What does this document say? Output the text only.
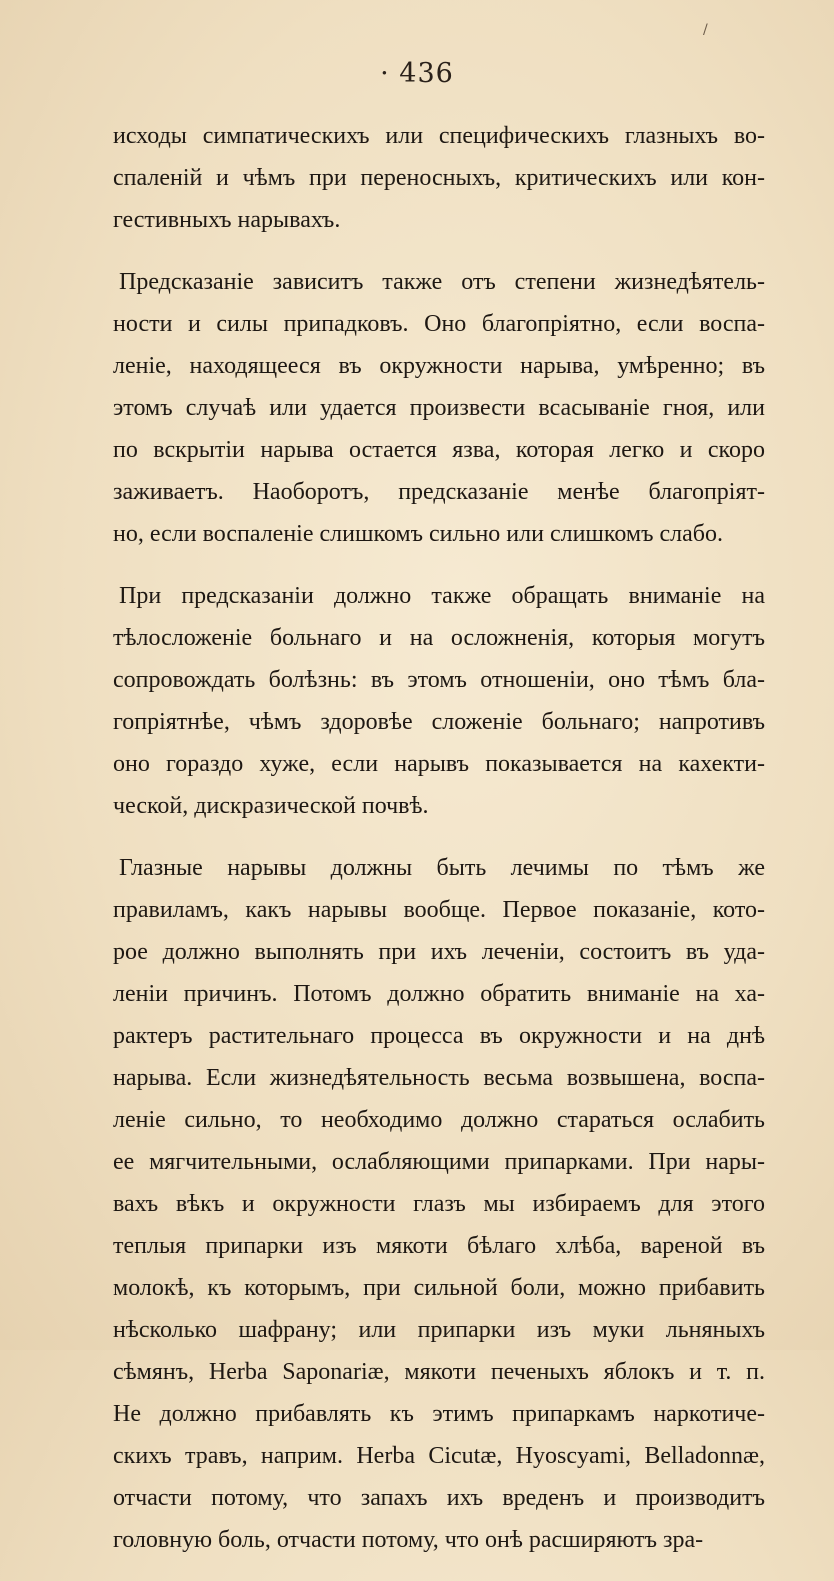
· 436
/
исходы симпатическихъ или специфическихъ глазныхъ во-
спаленiй и чѣмъ при переносныхъ, критическихъ или кон-
гестивныхъ нарывахъ.
Предсказанiе зависитъ также отъ степени жизнедѣятель-
ности и силы припадковъ. Оно благопрiятно, если воспа-
ленiе, находящееся въ окружности нарыва, умѣренно; въ
этомъ случаѣ или удается произвести всасыванiе гноя, или
по вскрытiи нарыва остается язва, которая легко и скоро
заживаетъ. Наоборотъ, предсказанiе менѣе благопрiят-
но, если воспаленiе слишкомъ сильно или слишкомъ слабо.
При предсказанiи должно также обращать вниманiе на
тѣлосложенiе больнаго и на осложненiя, которыя могутъ
сопровождать болѣзнь: въ этомъ отношенiи, оно тѣмъ бла-
гопрiятнѣе, чѣмъ здоровѣе сложенiе больнаго; напротивъ
оно гораздо хуже, если нарывъ показывается на кахекти-
ческой, дискразической почвѣ.
Глазные нарывы должны быть лечимы по тѣмъ же
правиламъ, какъ нарывы вообще. Первое показанiе, кото-
рое должно выполнять при ихъ леченiи, состоитъ въ уда-
ленiи причинъ. Потомъ должно обратить вниманiе на ха-
рактеръ растительнаго процесса въ окружности и на днѣ
нарыва. Если жизнедѣятельность весьма возвышена, воспа-
ленiе сильно, то необходимо должно стараться ослабить
ее мягчительными, ослабляющими припарками. При нары-
вахъ вѣкъ и окружности глазъ мы избираемъ для этого
теплыя припарки изъ мякоти бѣлаго хлѣба, вареной въ
молокѣ, къ которымъ, при сильной боли, можно прибавить
нѣсколько шафрану; или припарки изъ муки льняныхъ
сѣмянъ, Herba Saponariæ, мякоти печеныхъ яблокъ и т. п.
Не должно прибавлять къ этимъ припаркамъ наркотиче-
скихъ травъ, наприм. Herba Cicutæ, Hyoscyami, Belladonnæ,
отчасти потому, что запахъ ихъ вреденъ и производитъ
головную боль, отчасти потому, что онѣ расширяютъ зра-
